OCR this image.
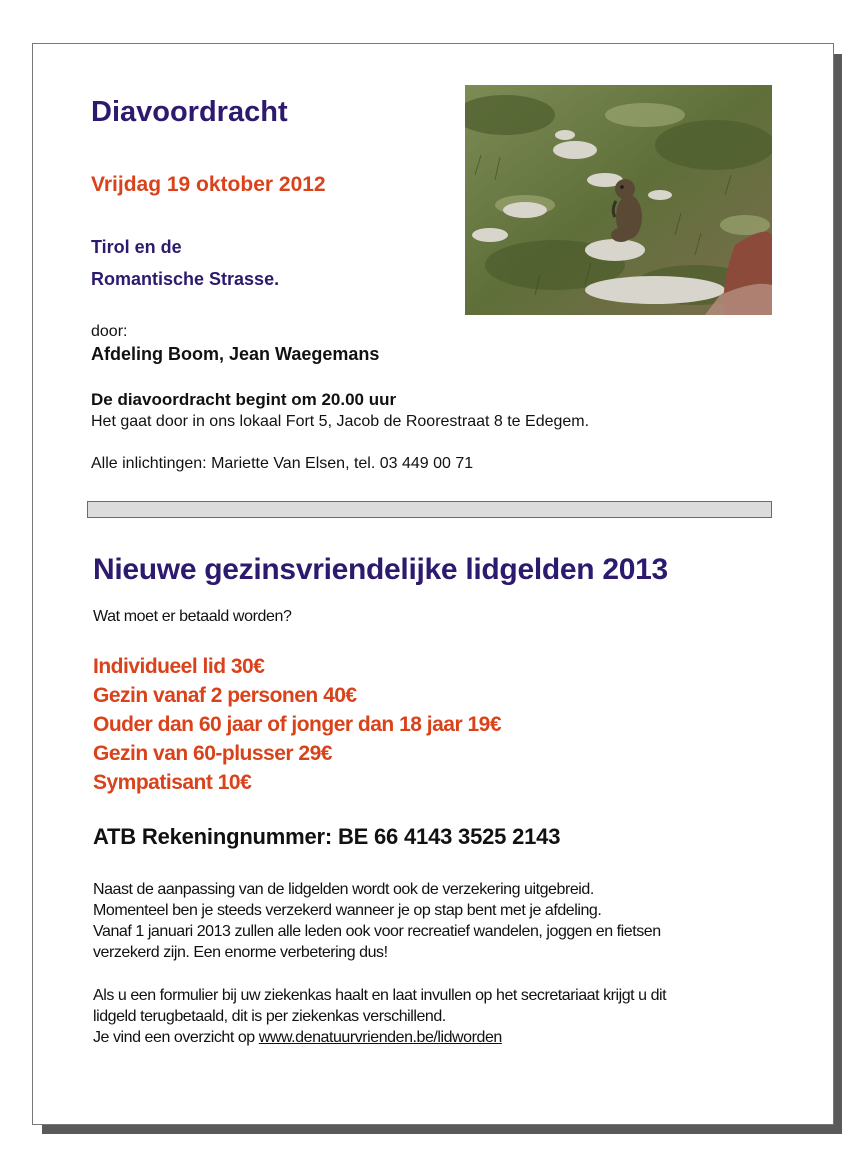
Diavoordracht

Vrijdag 19 oktober 2012

Tirol en de
Romantische Strasse.

door:

Afdeling Boom, Jean Waegemans

De diavoordracht begint om 20.00 uur

Het gaat door in ons lokaal Fort 5, Jacob de Roorestraat 8 te Edegem.

Alle inlichtingen: Mariette Van Elsen, tel. 03 449 00 71

Nieuwe gezinsvriendelijke lidgelden 2013

Wat moet er betaald worden?

Individueel lid 30€
Gezin vanaf 2 personen 40€
Ouder dan 60 jaar of jonger dan 18 jaar 19€
Gezin van 60-plusser 29€
Sympatisant 10€

ATB Rekeningnummer: BE 66 4143 3525 2143

Naast de aanpassing van de lidgelden wordt ook de verzekering uitgebreid.
Momenteel ben je steeds verzekerd wanneer je op stap bent met je afdeling.
Vanaf 1 januari 2013 zullen alle leden ook voor recreatief wandelen, joggen en fietsen
verzekerd zijn. Een enorme verbetering dus!
Als u een formulier bij uw ziekenkas haalt en laat invullen op het secretariaat krijgt u dit
lidgeld terugbetaald, dit is per ziekenkas verschillend.
Je vind een overzicht op www.denatuurvrienden.be/lidworden
